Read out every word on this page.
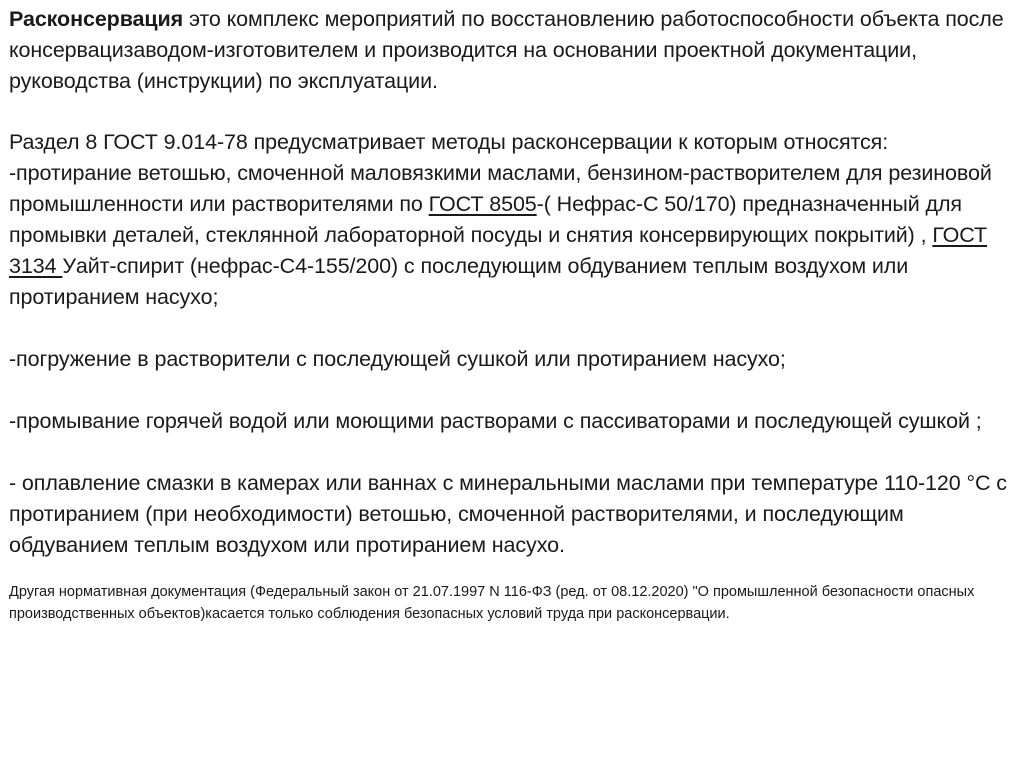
Расконсервация это комплекс мероприятий по восстановлению работоспособности объекта после консервацизаводом-изготовителем и производится на основании проектной документации, руководства (инструкции) по эксплуатации.

Раздел 8 ГОСТ 9.014-78 предусматривает методы расконсервации к которым относятся:

-протирание ветошью, смоченной маловязкими маслами, бензином-растворителем для резиновой промышленности или растворителями по ГОСТ 8505-( Нефрас-С 50/170) предназначенный для промывки деталей, стеклянной лабораторной посуды и снятия консервирующих покрытий) , ГОСТ 3134 Уайт-спирит (нефрас-С4-155/200) с последующим обдуванием теплым воздухом или протиранием насухо;

-погружение в растворители с последующей сушкой или протиранием насухо;

-промывание горячей водой или моющими растворами с пассиваторами и последующей сушкой ;

- оплавление смазки в камерах или ваннах с минеральными маслами при температуре 110-120 °С с протиранием (при необходимости) ветошью, смоченной растворителями, и последующим обдуванием теплым воздухом или протиранием насухо.

Другая нормативная документация (Федеральный закон от 21.07.1997 N 116-ФЗ (ред. от 08.12.2020) "О промышленной безопасности опасных производственных объектов)касается только соблюдения безопасных условий труда при расконсервации.
